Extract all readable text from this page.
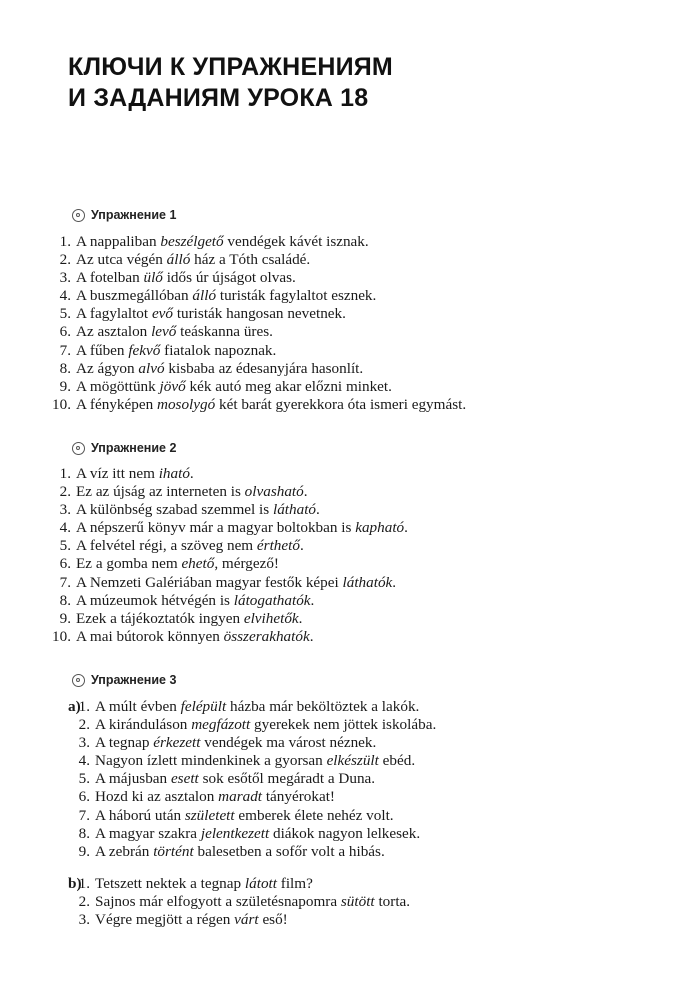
КЛЮЧИ К УПРАЖНЕНИЯМ
И ЗАДАНИЯМ УРОКА 18
Упражнение 1
1. A nappaliban beszélgető vendégek kávét isznak.
2. Az utca végén álló ház a Tóth családé.
3. A fotelban ülő idős úr újságot olvas.
4. A buszmegállóban álló turisták fagylaltot esznek.
5. A fagylaltot evő turisták hangosan nevetnek.
6. Az asztalon levő teáskanna üres.
7. A fűben fekvő fiatalok napoznak.
8. Az ágyon alvó kisbaba az édesanyjára hasonlít.
9. A mögöttünk jövő kék autó meg akar előzni minket.
10. A fényképen mosolygó két barát gyerekkora óta ismeri egymást.
Упражнение 2
1. A víz itt nem iható.
2. Ez az újság az interneten is olvasható.
3. A különbség szabad szemmel is látható.
4. A népszerű könyv már a magyar boltokban is kapható.
5. A felvétel régi, a szöveg nem érthető.
6. Ez a gomba nem ehető, mérgező!
7. A Nemzeti Galériában magyar festők képei láthatók.
8. A múzeumok hétvégén is látogathatók.
9. Ezek a tájékoztatók ingyen elvihetők.
10. A mai bútorok könnyen összerakhatók.
Упражнение 3
a)
1. A múlt évben felépült házba már beköltöztek a lakók.
2. A kiránduláson megfázott gyerekek nem jöttek iskolába.
3. A tegnap érkezett vendégek ma várost néznek.
4. Nagyon ízlett mindenkinek a gyorsan elkészült ebéd.
5. A májusban esett sok esőtől megáradt a Duna.
6. Hozd ki az asztalon maradt tányérokat!
7. A háború után született emberek élete nehéz volt.
8. A magyar szakra jelentkezett diákok nagyon lelkesek.
9. A zebrán történt balesetben a sofőr volt a hibás.
b)
1. Tetszett nektek a tegnap látott film?
2. Sajnos már elfogyott a születésnapomra sütött torta.
3. Végre megjött a régen várt eső!
